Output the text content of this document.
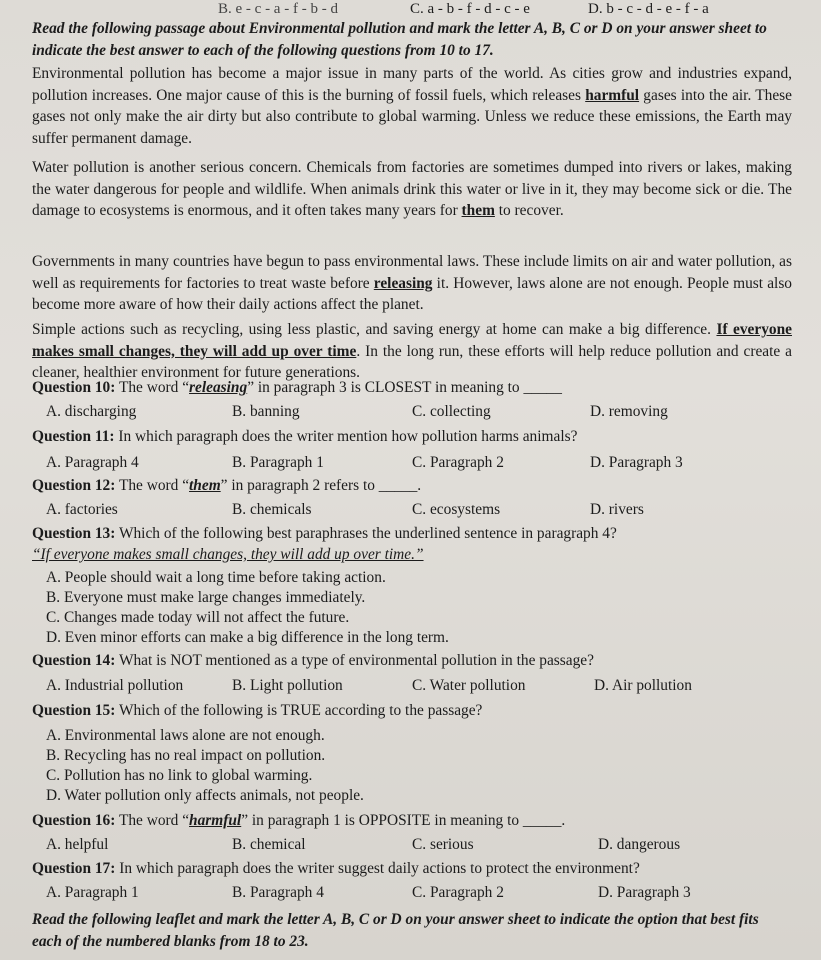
B. e - c - a - f - b - d	C. a - b - f - d - c - e	D. b - c - d - e - f - a
Read the following passage about Environmental pollution and mark the letter A, B, C or D on your answer sheet to indicate the best answer to each of the following questions from 10 to 17.
Environmental pollution has become a major issue in many parts of the world. As cities grow and industries expand, pollution increases. One major cause of this is the burning of fossil fuels, which releases harmful gases into the air. These gases not only make the air dirty but also contribute to global warming. Unless we reduce these emissions, the Earth may suffer permanent damage.
Water pollution is another serious concern. Chemicals from factories are sometimes dumped into rivers or lakes, making the water dangerous for people and wildlife. When animals drink this water or live in it, they may become sick or die. The damage to ecosystems is enormous, and it often takes many years for them to recover.
Governments in many countries have begun to pass environmental laws. These include limits on air and water pollution, as well as requirements for factories to treat waste before releasing it. However, laws alone are not enough. People must also become more aware of how their daily actions affect the planet.
Simple actions such as recycling, using less plastic, and saving energy at home can make a big difference. If everyone makes small changes, they will add up over time. In the long run, these efforts will help reduce pollution and create a cleaner, healthier environment for future generations.
Question 10: The word “releasing” in paragraph 3 is CLOSEST in meaning to _____
A. discharging	B. banning	C. collecting	D. removing
Question 11: In which paragraph does the writer mention how pollution harms animals?
A. Paragraph 4	B. Paragraph 1	C. Paragraph 2	D. Paragraph 3
Question 12: The word “them” in paragraph 2 refers to _____.
A. factories	B. chemicals	C. ecosystems	D. rivers
Question 13: Which of the following best paraphrases the underlined sentence in paragraph 4?
“If everyone makes small changes, they will add up over time.”
A. People should wait a long time before taking action.
B. Everyone must make large changes immediately.
C. Changes made today will not affect the future.
D. Even minor efforts can make a big difference in the long term.
Question 14: What is NOT mentioned as a type of environmental pollution in the passage?
A. Industrial pollution	B. Light pollution	C. Water pollution	D. Air pollution
Question 15: Which of the following is TRUE according to the passage?
A. Environmental laws alone are not enough.
B. Recycling has no real impact on pollution.
C. Pollution has no link to global warming.
D. Water pollution only affects animals, not people.
Question 16: The word “harmful” in paragraph 1 is OPPOSITE in meaning to _____.
A. helpful	B. chemical	C. serious	D. dangerous
Question 17: In which paragraph does the writer suggest daily actions to protect the environment?
A. Paragraph 1	B. Paragraph 4	C. Paragraph 2	D. Paragraph 3
Read the following leaflet and mark the letter A, B, C or D on your answer sheet to indicate the option that best fits each of the numbered blanks from 18 to 23.
